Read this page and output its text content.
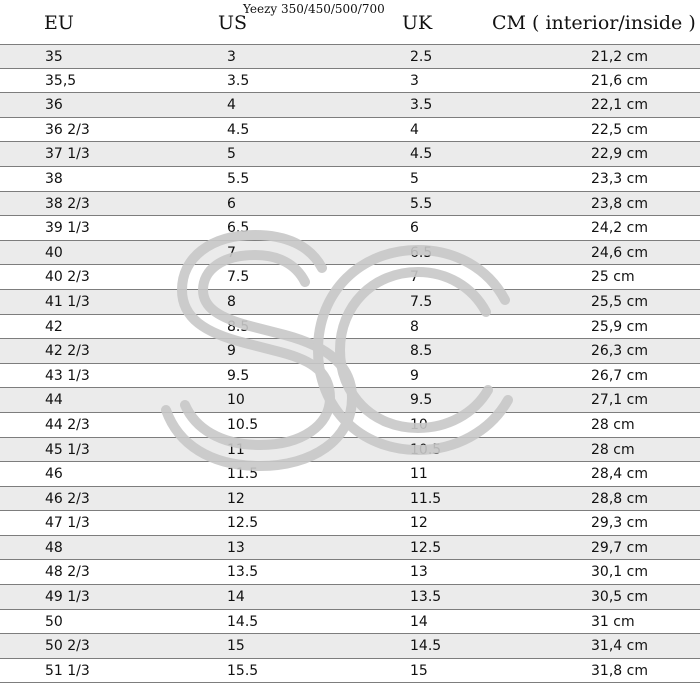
Yeezy 350/450/500/700
EU	US	UK	CM ( interior/inside )
35	3	2.5	21,2 cm
35,5	3.5	3	21,6 cm
36	4	3.5	22,1 cm
36 2/3	4.5	4	22,5 cm
37 1/3	5	4.5	22,9 cm
38	5.5	5	23,3 cm
38 2/3	6	5.5	23,8 cm
39 1/3	6.5	6	24,2 cm
40	7	6.5	24,6 cm
40 2/3	7.5	7	25 cm
41 1/3	8	7.5	25,5 cm
42	8.5	8	25,9 cm
42 2/3	9	8.5	26,3 cm
43 1/3	9.5	9	26,7 cm
44	10	9.5	27,1 cm
44 2/3	10.5	10	28 cm
45 1/3	11	10.5	28 cm
46	11.5	11	28,4 cm
46 2/3	12	11.5	28,8 cm
47 1/3	12.5	12	29,3 cm
48	13	12.5	29,7 cm
48 2/3	13.5	13	30,1 cm
49 1/3	14	13.5	30,5 cm
50	14.5	14	31 cm
50 2/3	15	14.5	31,4 cm
51 1/3	15.5	15	31,8 cm
